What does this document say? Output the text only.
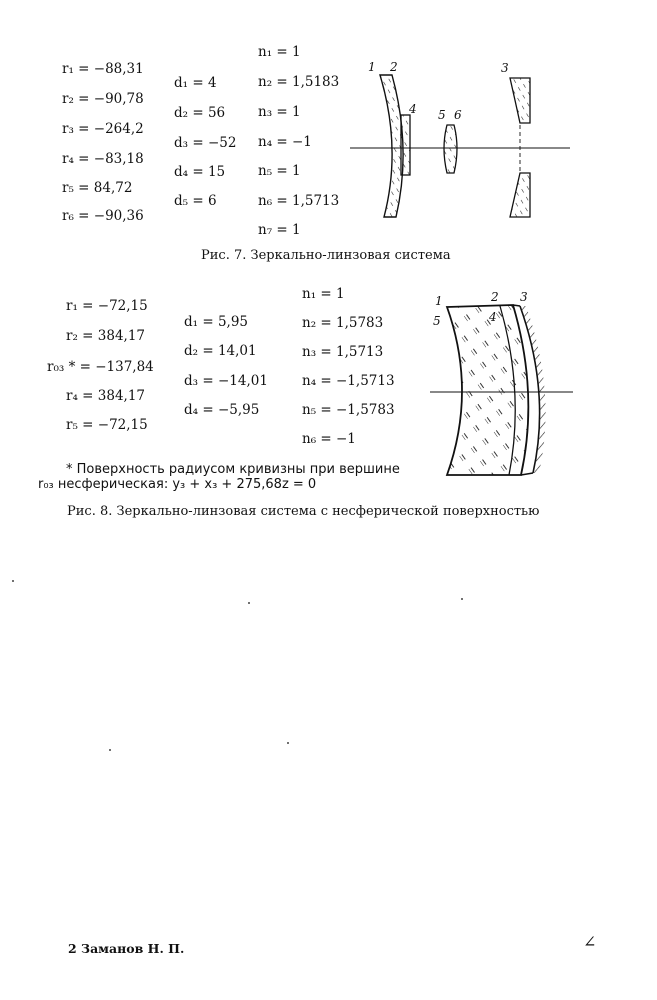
r₁ = −88,31
r₂ = −90,78
r₃ = −264,2
r₄ = −83,18
r₅ = 84,72
r₆ = −90,36
d₁ = 4
d₂ = 56
d₃ = −52
d₄ = 15
d₅ = 6
n₁ = 1
n₂ = 1,5183
n₃ = 1
n₄ = −1
n₅ = 1
n₆ = 1,5713
n₇ = 1
1 2	3
4 5 6
Рис. 7. Зеркально-линзовая система
r₁ = −72,15
r₂ = 384,17
r₀₃ * = −137,84
r₄ = 384,17
r₅ = −72,15
d₁ = 5,95
d₂ = 14,01
d₃ = −14,01
d₄ = −5,95
n₁ = 1
n₂ = 1,5783
n₃ = 1,5713
n₄ = −1,5713
n₅ = −1,5783
n₆ = −1
1	2 3
4
5
* Поверхность радиусом кривизны при вершине
r₀₃ несферическая: y₃ + x₃ + 275,68z = 0
Рис. 8. Зеркально-линзовая система с несферической поверхностью
2 Заманов Н. П.	∠
